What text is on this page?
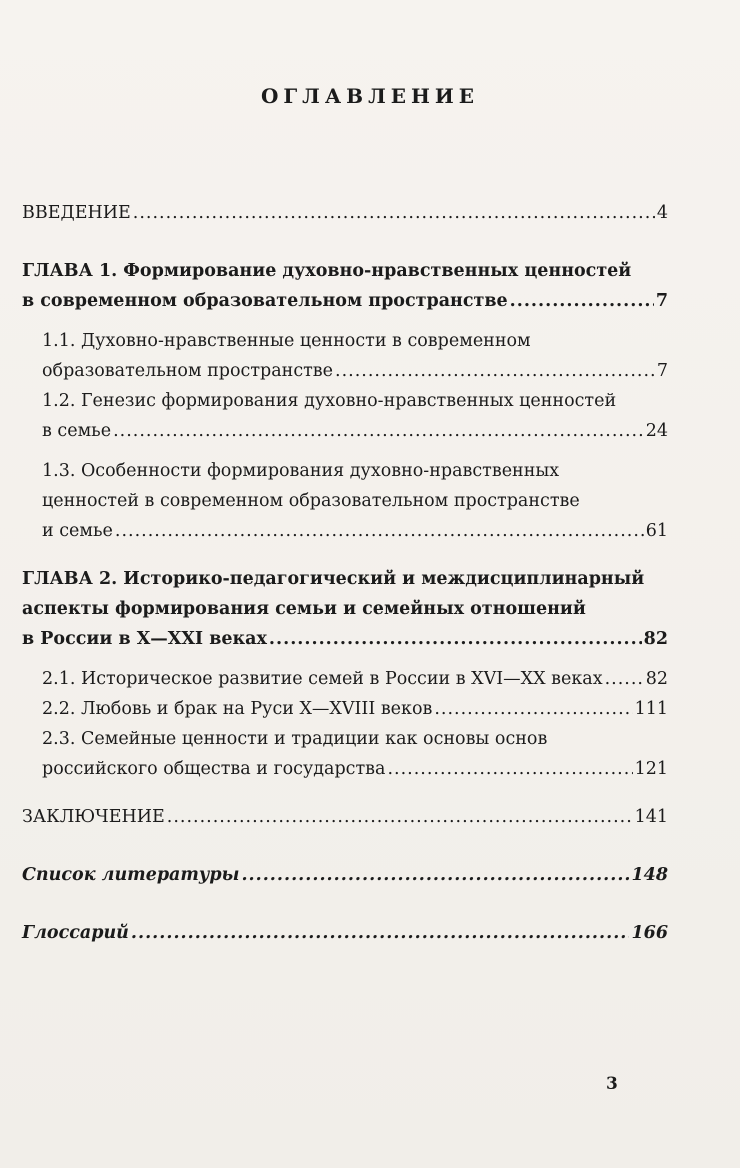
ОГЛАВЛЕНИЕ
ВВЕДЕНИЕ .....	4
ГЛАВА 1. Формирование духовно-нравственных ценностей
в современном образовательном пространстве .....	7
1.1. Духовно-нравственные ценности в современном
образовательном пространстве .....	7
1.2. Генезис формирования духовно-нравственных ценностей
в семье .....	24
1.3. Особенности формирования духовно-нравственных
ценностей в современном образовательном пространстве
и семье .....	61
ГЛАВА 2. Историко-педагогический и междисциплинарный
аспекты формирования семьи и семейных отношений
в России в X—XXI веках .....	82
2.1. Историческое развитие семей в России в XVI—XX веках ..... 82
2.2. Любовь и брак на Руси X—XVIII веков .....	111
2.3. Семейные ценности и традиции как основы основ
российского общества и государства .....	121
ЗАКЛЮЧЕНИЕ .....	141
Список литературы .....	148
Глоссарий .....	166
3
